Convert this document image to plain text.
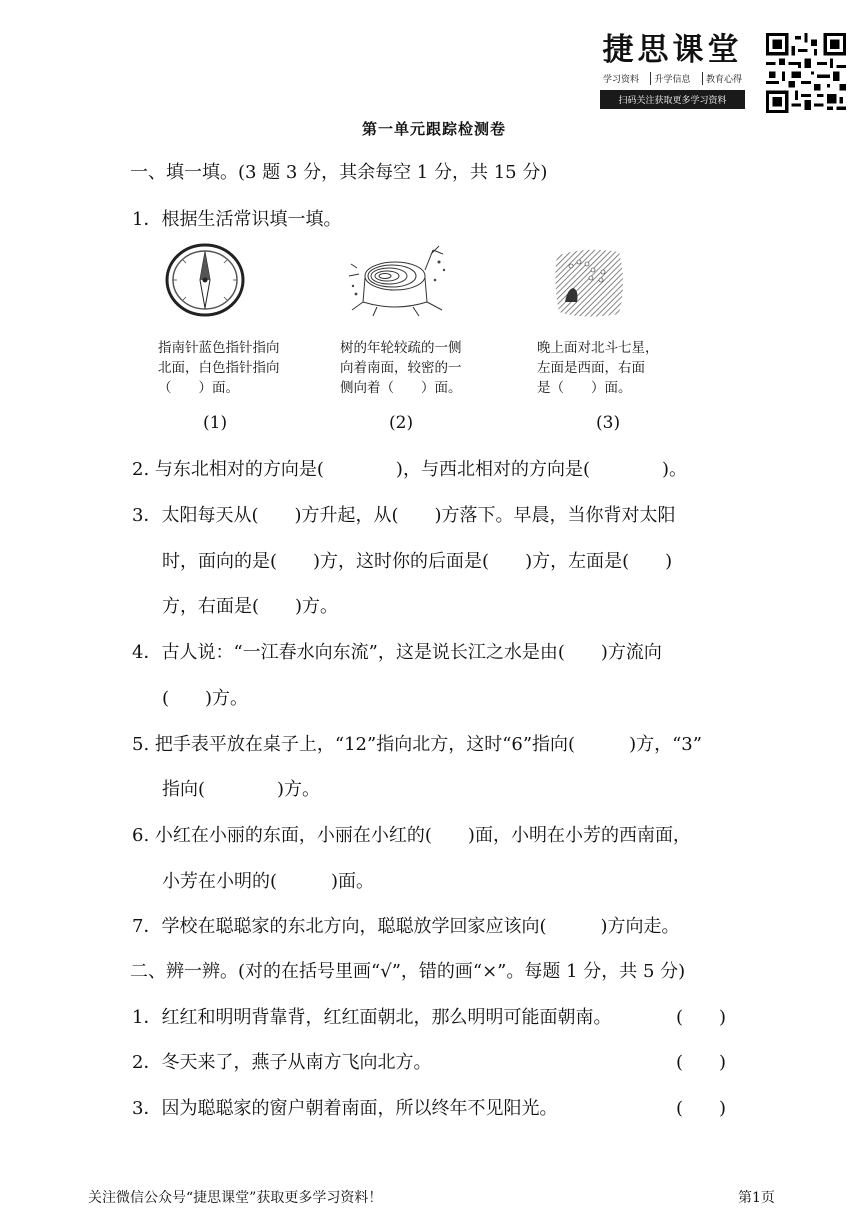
捷思课堂
学习资料	升学信息	教育心得
扫码关注获取更多学习资料
第一单元跟踪检测卷
一、填一填。(3 题 3 分，其余每空 1 分，共 15 分)
1．根据生活常识填一填。
指南针蓝色指针指向
北面，白色指针指向
（　　）面。
树的年轮较疏的一侧
向着南面，较密的一
侧向着（　　）面。
晚上面对北斗七星，
左面是西面，右面
是（　　）面。
(1)	(2)	(3)
2. 与东北相对的方向是(　　　　)，与西北相对的方向是(　　　　)。
3．太阳每天从(　　)方升起，从(　　)方落下。早晨，当你背对太阳
时，面向的是(　　)方，这时你的后面是(　　)方，左面是(　　)
方，右面是(　　)方。
4．古人说：“一江春水向东流”，这是说长江之水是由(　　)方流向
(　　)方。
5. 把手表平放在桌子上，“12”指向北方，这时“6”指向(　　　)方，“3”
指向(　　　　)方。
6. 小红在小丽的东面，小丽在小红的(　　)面，小明在小芳的西南面，
小芳在小明的(　　　)面。
7．学校在聪聪家的东北方向，聪聪放学回家应该向(　　　)方向走。
二、辨一辨。(对的在括号里画“√”，错的画“×”。每题 1 分，共 5 分)
1．红红和明明背靠背，红红面朝北，那么明明可能面朝南。	(　　)
2．冬天来了，燕子从南方飞向北方。	(　　)
3．因为聪聪家的窗户朝着南面，所以终年不见阳光。	(　　)
关注微信公众号“捷思课堂”获取更多学习资料！	第1页
